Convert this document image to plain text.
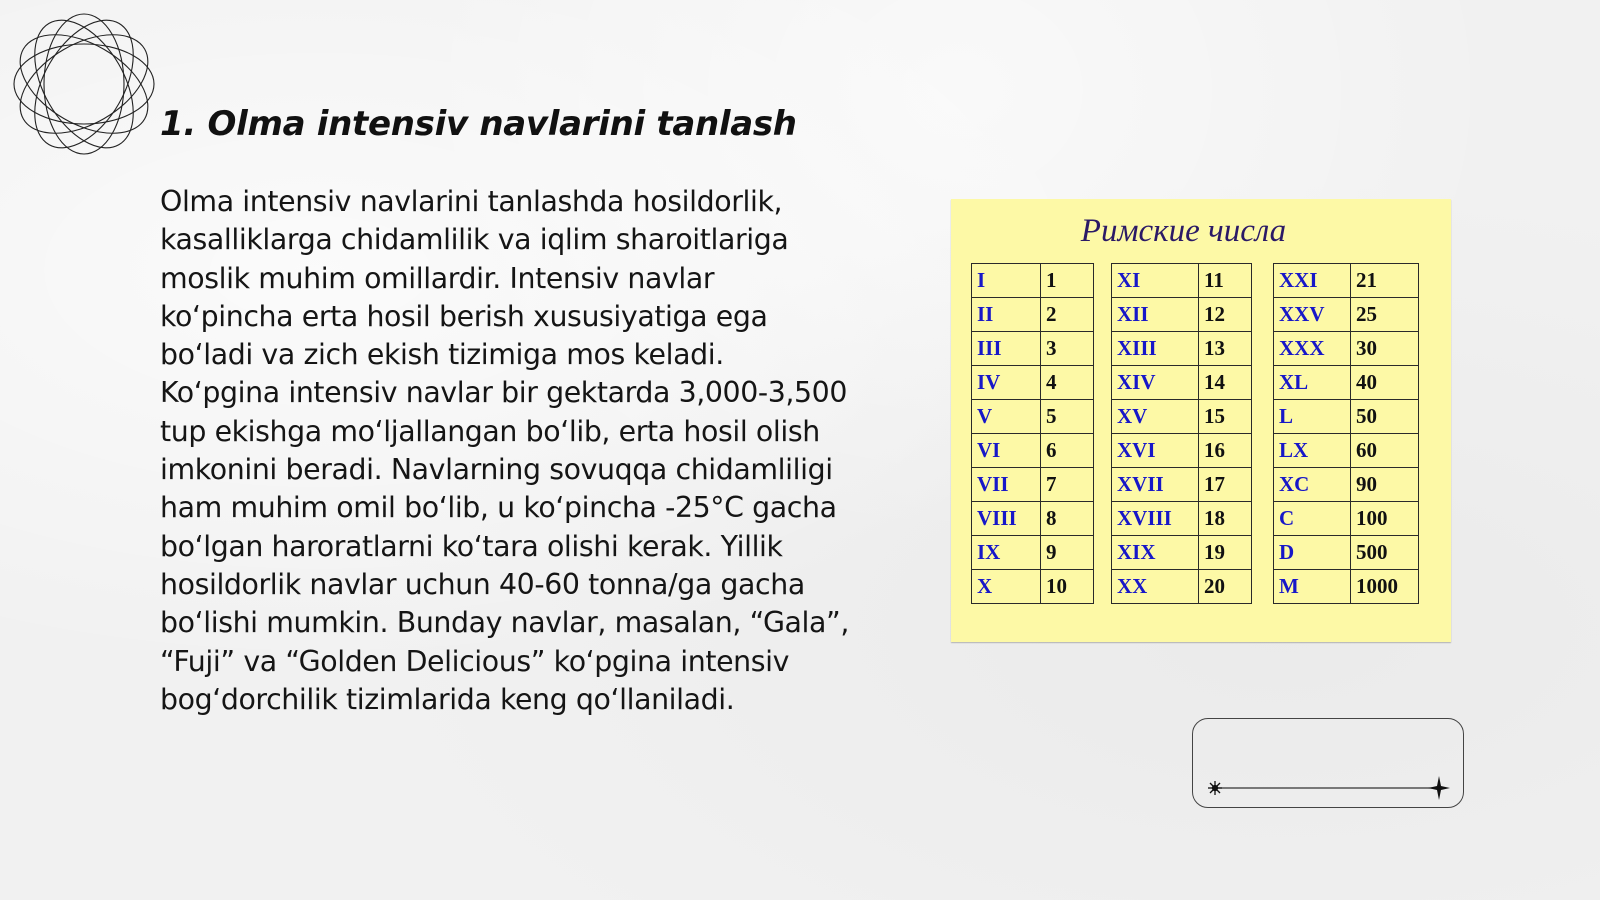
1. Olma intensiv navlarini tanlash

Olma intensiv navlarini tanlashda hosildorlik, kasalliklarga chidamlilik va iqlim sharoitlariga moslik muhim omillardir. Intensiv navlar ko‘pincha erta hosil berish xususiyatiga ega bo‘ladi va zich ekish tizimiga mos keladi. Ko‘pgina intensiv navlar bir gektarda 3,000-3,500 tup ekishga mo‘ljallangan bo‘lib, erta hosil olish imkonini beradi. Navlarning sovuqqa chidamliligi ham muhim omil bo‘lib, u ko‘pincha -25°C gacha bo‘lgan haroratlarni ko‘tara olishi kerak. Yillik hosildorlik navlar uchun 40-60 tonna/ga gacha bo‘lishi mumkin. Bunday navlar, masalan, “Gala”, “Fuji” va “Golden Delicious” ko‘pgina intensiv bog‘dorchilik tizimlarida keng qo‘llaniladi.

Римские числа
I	1
II	2
III	3
IV	4
V	5
VI	6
VII	7
VIII	8
IX	9
X	10
XI	11
XII	12
XIII	13
XIV	14
XV	15
XVI	16
XVII	17
XVIII	18
XIX	19
XX	20
XXI	21
XXV	25
XXX	30
XL	40
L	50
LX	60
XC	90
C	100
D	500
M	1000
